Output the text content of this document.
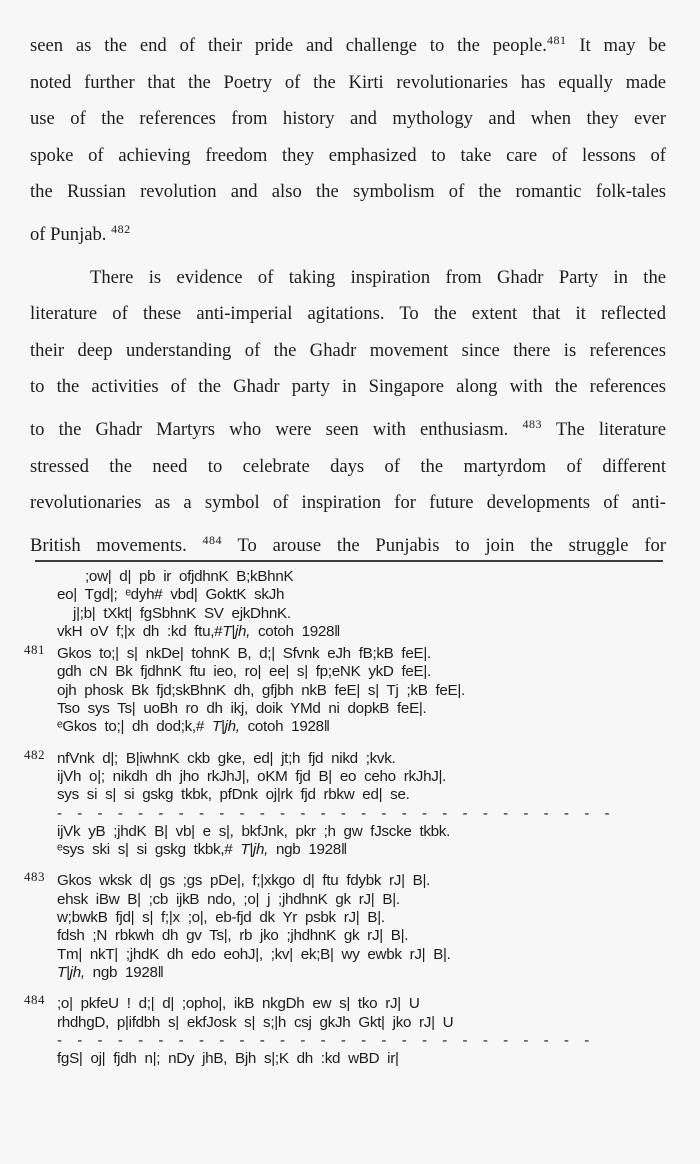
seen as the end of their pride and challenge to the people.$^{481}$ It may be
noted further that the Poetry of the Kirti revolutionaries has equally made
use of the references from history and mythology and when they ever
spoke of achieving freedom they emphasized to take care of lessons of
the Russian revolution and also the symbolism of the romantic folk-tales
of Punjab. $^{482}$
There is evidence of taking inspiration from Ghadr Party in the
literature of these anti-imperial agitations. To the extent that it reflected
their deep understanding of the Ghadr movement since there is references
to the activities of the Ghadr party in Singapore along with the references
to the Ghadr Martyrs who were seen with enthusiasm. $^{483}$ The literature
stressed the need to celebrate days of the martyrdom of different
revolutionaries as a symbol of inspiration for future developments of anti-
British movements. $^{484}$ To arouse the Punjabis to join the struggle for
;ow| d| pb ir ofjdhnK B;kBhnK
eo| Tgd|; ᵉdyh# vbd| GoktK skJh
j|;b| tXkt| fgSbhnK SV ejkDhnK.
vkH oV f;|x dh :kd ftu,#T|jh, cotoh 1928‖
481 Gkos to;| s| nkDe| tohnK B, d;| Sfvnk eJh fB;kB feE|.
gdh cN Bk fjdhnK ftu ieo, ro| ee| s| fp;eNK ykD feE|.
ojh phosk Bk fjd;skBhnK dh, gfjbh nkB feE| s| Tj ;kB feE|.
Tso sys Ts| uoBh ro dh ikj, doik YMd ni dopkB feE|.
ᵉGkos to;| dh dod;k,# T|jh, cotoh 1928‖
482 nfVnk d|; B|iwhnK ckb gke, ed| jt;h fjd nikd ;kvk.
ijVh o|; nikdh dh jho rkJhJ|, oKM fjd B| eo ceho rkJhJ|.
sys si s| si gskg tkbk, pfDnk oj|rk fjd rbkw ed| se.
- - - - - - - - - - - - - - - - - - - - - - - - - - - -
ijVk yB ;jhdK B| vb| e s|, bkfJnk, pkr ;h gw fJscke tkbk.
ᵉsys ski s| si gskg tkbk,# T|jh, ngb 1928‖
483 Gkos wksk d| gs ;gs pDe|, f;|xkgo d| ftu fdybk rJ| B|.
ehsk iBw B| ;cb ijkB ndo, ;o| j ;jhdhnK gk rJ| B|.
w;bwkB fjd| s| f;|x ;o|, eb-fjd dk Yr psbk rJ| B|.
fdsh ;N rbkwh dh gv Ts|, rb jko ;jhdhnK gk rJ| B|.
Tm| nkT| ;jhdK dh edo eohJ|, ;kv| ek;B| wy ewbk rJ| B|.
T|jh, ngb 1928‖
484 ;o| pkfeU ! d;| d| ;opho|, ikB nkgDh ew s| tko rJ| U
rhdhgD, p|ifdbh s| ekfJosk s| s;|h csj gkJh Gkt| jko rJ| U
- - - - - - - - - - - - - - - - - - - - - - - - - - -
fgS| oj| fjdh n|; nDy jhB, Bjh s|;K dh :kd wBD ir|
